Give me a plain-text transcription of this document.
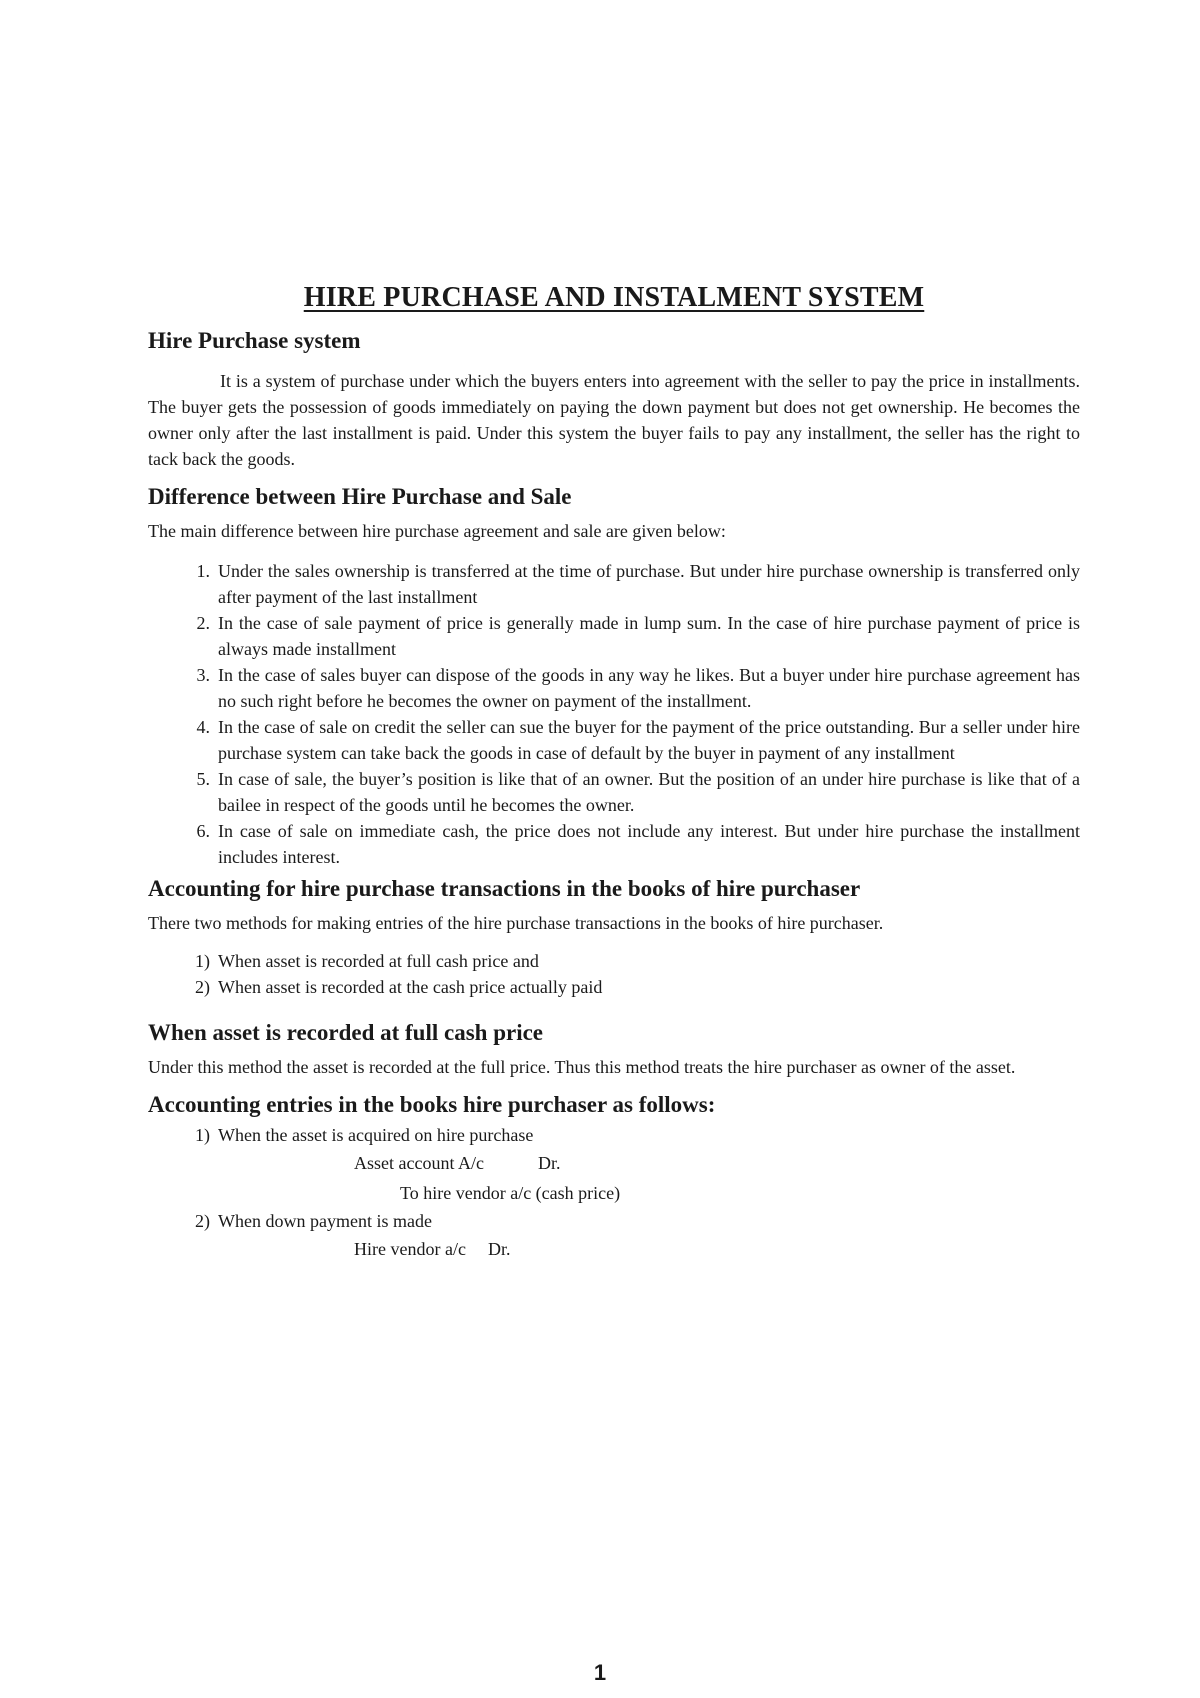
HIRE PURCHASE AND INSTALMENT SYSTEM
Hire Purchase system

It is a system of purchase under which the buyers enters into agreement with the seller to pay the price in installments. The buyer gets the possession of goods immediately on paying the down payment but does not get ownership. He becomes the owner only after the last installment is paid. Under this system the buyer fails to pay any installment, the seller has the right to tack back the goods.

Difference between Hire Purchase and Sale

The main difference between hire purchase agreement and sale are given below:

1. Under the sales ownership is transferred at the time of purchase. But under hire purchase ownership is transferred only after payment of the last installment
2. In the case of sale payment of price is generally made in lump sum. In the case of hire purchase payment of price is always made installment
3. In the case of sales buyer can dispose of the goods in any way he likes. But a buyer under hire purchase agreement has no such right before he becomes the owner on payment of the installment.
4. In the case of sale on credit the seller can sue the buyer for the payment of the price outstanding. Bur a seller under hire purchase system can take back the goods in case of default by the buyer in payment of any installment
5. In case of sale, the buyer’s position is like that of an owner. But the position of an under hire purchase is like that of a bailee in respect of the goods until he becomes the owner.
6. In case of sale on immediate cash, the price does not include any interest. But under hire purchase the installment includes interest.
Accounting for hire purchase transactions in the books of hire purchaser

There two methods for making entries of the hire purchase transactions in the books of hire purchaser.

1) When asset is recorded at full cash price and
2) When asset is recorded at the cash price actually paid
When asset is recorded at full cash price

Under this method the asset is recorded at the full price. Thus this method treats the hire purchaser as owner of the asset.

Accounting entries in the books hire purchaser as follows:
1) When the asset is acquired on hire purchase
Asset account A/c	Dr.
To hire vendor a/c (cash price)
2) When down payment is made
Hire vendor a/c Dr.
1
